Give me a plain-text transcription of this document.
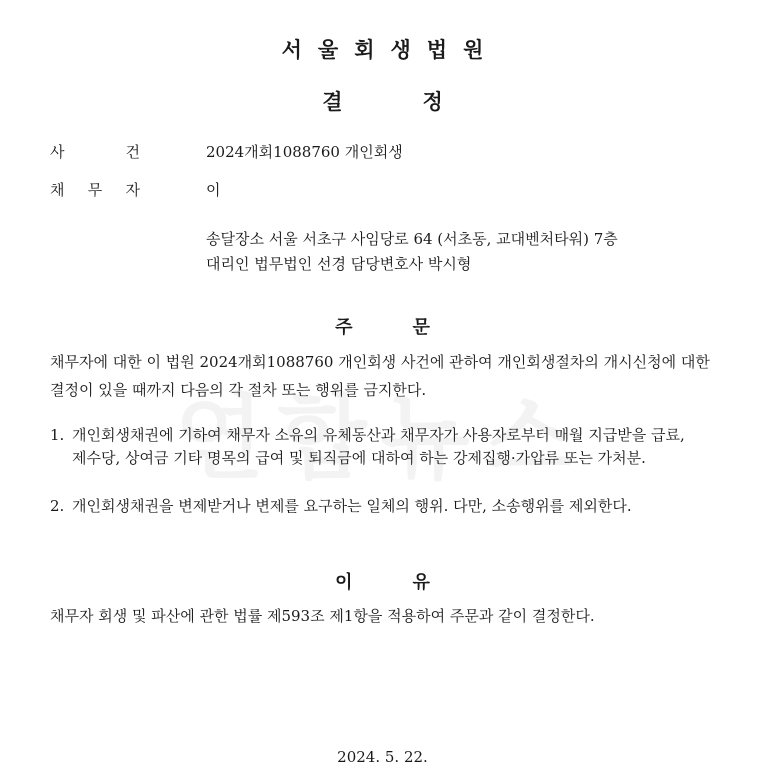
서울회생법원
결	정
사	건	2024개회1088760 개인회생
채 무 자	이
송달장소 서울 서초구 사임당로 64 (서초동, 교대벤처타워) 7층
대리인 법무법인 선경 담당변호사 박시형
주	문
채무자에 대한 이 법원 2024개회1088760 개인회생 사건에 관하여 개인회생절차의 개시신청에 대한 결정이 있을 때까지 다음의 각 절차 또는 행위를 금지한다.
1. 개인회생채권에 기하여 채무자 소유의 유체동산과 채무자가 사용자로부터 매월 지급받을 급료, 제수당, 상여금 기타 명목의 급여 및 퇴직금에 대하여 하는 강제집행·가압류 또는 가처분.
2. 개인회생채권을 변제받거나 변제를 요구하는 일체의 행위. 다만, 소송행위를 제외한다.
이	유
채무자 회생 및 파산에 관한 법률 제593조 제1항을 적용하여 주문과 같이 결정한다.
2024. 5. 22.
